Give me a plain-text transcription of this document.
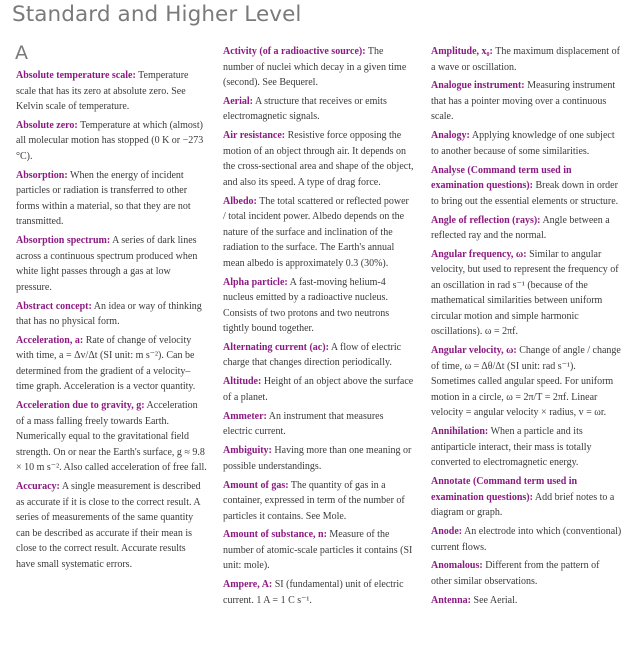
Standard and Higher Level
A

Absolute temperature scale: Temperature scale that has its zero at absolute zero. See Kelvin scale of temperature.

Absolute zero: Temperature at which (almost) all molecular motion has stopped (0 K or −273 °C).

Absorption: When the energy of incident particles or radiation is transferred to other forms within a material, so that they are not transmitted.

Absorption spectrum: A series of dark lines across a continuous spectrum produced when white light passes through a gas at low pressure.

Abstract concept: An idea or way of thinking that has no physical form.

Acceleration, a: Rate of change of velocity with time, a = Δv/Δt (SI unit: m s⁻²). Can be determined from the gradient of a velocity–time graph. Acceleration is a vector quantity.

Acceleration due to gravity, g: Acceleration of a mass falling freely towards Earth. Numerically equal to the gravitational field strength. On or near the Earth's surface, g ≈ 9.8 × 10 m s⁻². Also called acceleration of free fall.

Accuracy: A single measurement is described as accurate if it is close to the correct result. A series of measurements of the same quantity can be described as accurate if their mean is close to the correct result. Accurate results have small systematic errors.

Activity (of a radioactive source): The number of nuclei which decay in a given time (second). See Bequerel.

Aerial: A structure that receives or emits electromagnetic signals.

Air resistance: Resistive force opposing the motion of an object through air. It depends on the cross-sectional area and shape of the object, and also its speed. A type of drag force.

Albedo: The total scattered or reflected power / total incident power. Albedo depends on the nature of the surface and inclination of the radiation to the surface. The Earth's annual mean albedo is approximately 0.3 (30%).

Alpha particle: A fast-moving helium-4 nucleus emitted by a radioactive nucleus. Consists of two protons and two neutrons tightly bound together.

Alternating current (ac): A flow of electric charge that changes direction periodically.

Altitude: Height of an object above the surface of a planet.

Ammeter: An instrument that measures electric current.

Ambiguity: Having more than one meaning or possible understandings.

Amount of gas: The quantity of gas in a container, expressed in term of the number of particles it contains. See Mole.

Amount of substance, n: Measure of the number of atomic-scale particles it contains (SI unit: mole).

Ampere, A: SI (fundamental) unit of electric current. 1 A = 1 C s⁻¹.

Amplitude, x₀: The maximum displacement of a wave or oscillation.

Analogue instrument: Measuring instrument that has a pointer moving over a continuous scale.

Analogy: Applying knowledge of one subject to another because of some similarities.

Analyse (Command term used in examination questions): Break down in order to bring out the essential elements or structure.

Angle of reflection (rays): Angle between a reflected ray and the normal.

Angular frequency, ω: Similar to angular velocity, but used to represent the frequency of an oscillation in rad s⁻¹ (because of the mathematical similarities between uniform circular motion and simple harmonic oscillations). ω = 2πf.

Angular velocity, ω: Change of angle / change of time, ω = Δθ/Δt (SI unit: rad s⁻¹). Sometimes called angular speed. For uniform motion in a circle, ω = 2π/T = 2πf. Linear velocity = angular velocity × radius, v = ωr.

Annihilation: When a particle and its antiparticle interact, their mass is totally converted to electromagnetic energy.

Annotate (Command term used in examination questions): Add brief notes to a diagram or graph.

Anode: An electrode into which (conventional) current flows.

Anomalous: Different from the pattern of other similar observations.

Antenna: See Aerial.
